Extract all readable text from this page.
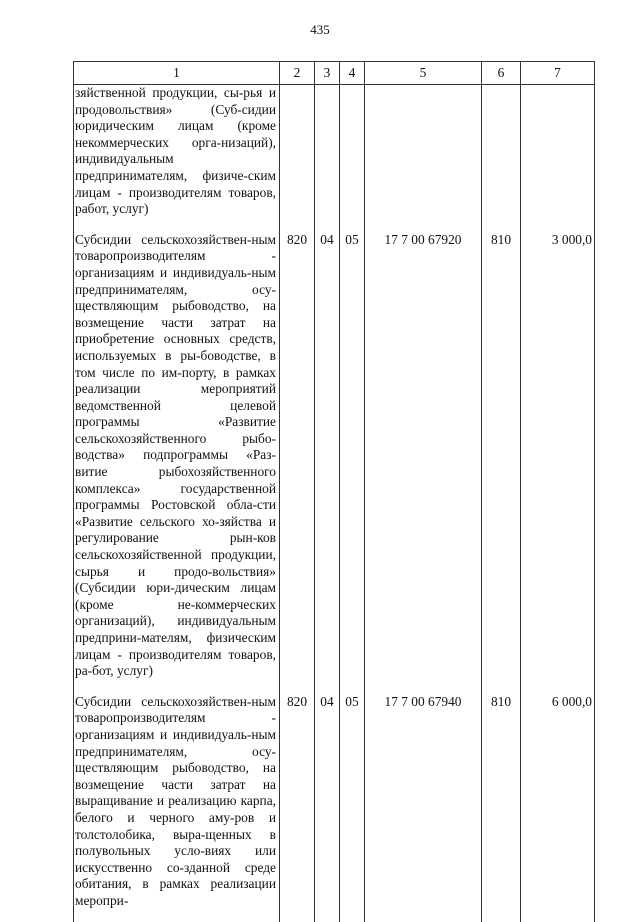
435
1	2	3	4	5	6	7
зяйственной продукции, сы-рья и продовольствия» (Суб-сидии юридическим лицам (кроме некоммерческих орга-низаций), индивидуальным предпринимателям, физиче-ским лицам - производителям товаров, работ, услуг)						
Субсидии сельскохозяйствен-ным товаропроизводителям - организациям и индивидуаль-ным предпринимателям, осу-ществляющим рыбоводство, на возмещение части затрат на приобретение основных средств, используемых в ры-боводстве, в том числе по им-порту, в рамках реализации мероприятий ведомственной целевой программы «Развитие сельскохозяйственного рыбо-водства» подпрограммы «Раз-витие рыбохозяйственного комплекса» государственной программы Ростовской обла-сти «Развитие сельского хо-зяйства и регулирование рын-ков сельскохозяйственной продукции, сырья и продо-вольствия» (Субсидии юри-дическим лицам (кроме не-коммерческих организаций), индивидуальным предприни-мателям, физическим лицам - производителям товаров, ра-бот, услуг)	820	04	05	17 7 00 67920	810	3 000,0
Субсидии сельскохозяйствен-ным товаропроизводителям - организациям и индивидуаль-ным предпринимателям, осу-ществляющим рыбоводство, на возмещение части затрат на выращивание и реализацию карпа, белого и черного аму-ров и толстолобика, выра-щенных в полувольных усло-виях или искусственно со-зданной среде обитания, в рамках реализации меропри-	820	04	05	17 7 00 67940	810	6 000,0
